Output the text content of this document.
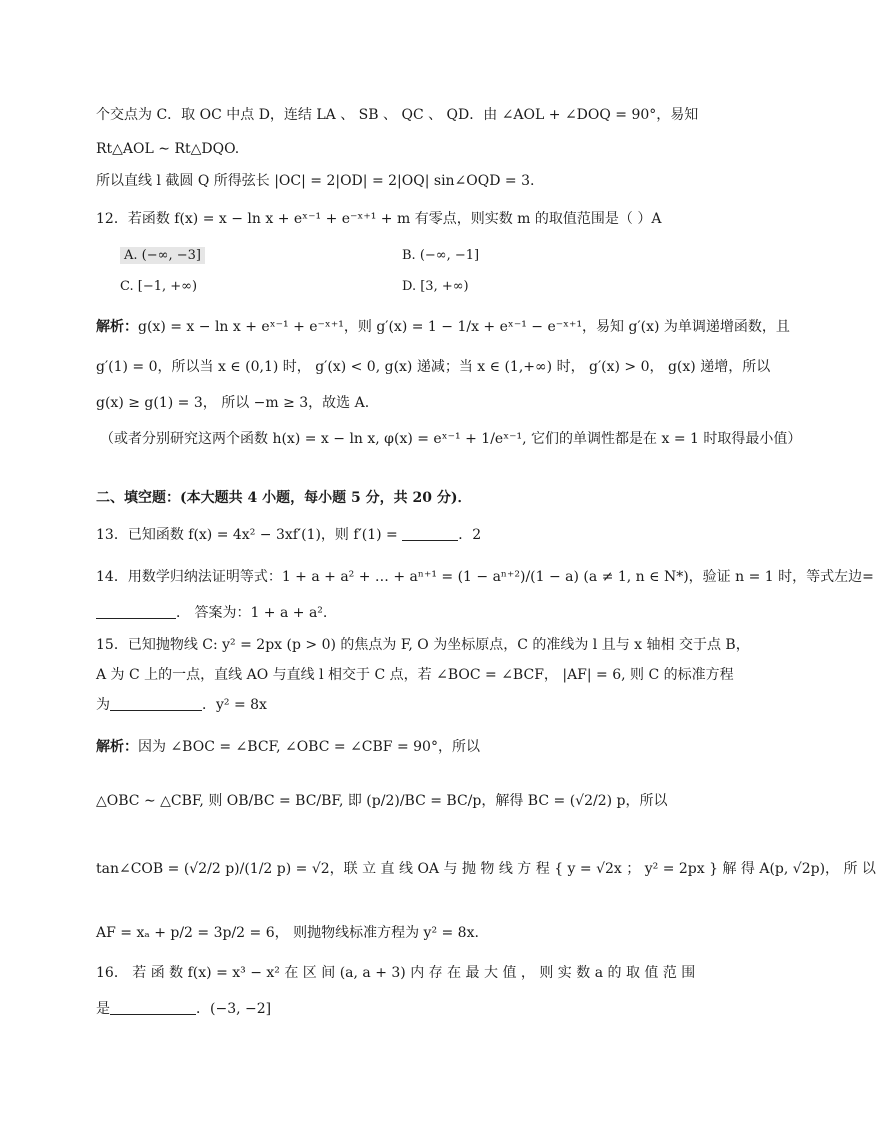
个交点为 C．取 OC 中点 D，连结 LA 、 SB 、 QC 、 QD．由 ∠AOL + ∠DOQ = 90°，易知
Rt△AOL ∼ Rt△DQO.
所以直线 l 截圆 Q 所得弦长 |OC| = 2|OD| = 2|OQ| sin∠OQD = 3.
12．若函数 f(x) = x − ln x + eˣ⁻¹ + e⁻ˣ⁺¹ + m 有零点，则实数 m 的取值范围是（ ）A
A. (−∞, −3]	B. (−∞, −1]
C. [−1, +∞)	D. [3, +∞)
解析：g(x) = x − ln x + eˣ⁻¹ + e⁻ˣ⁺¹，则 g′(x) = 1 − 1/x + eˣ⁻¹ − e⁻ˣ⁺¹，易知 g′(x) 为单调递增函数，且
g′(1) = 0，所以当 x ∈ (0,1) 时， g′(x) < 0, g(x) 递减；当 x ∈ (1,+∞) 时， g′(x) > 0， g(x) 递增，所以
g(x) ≥ g(1) = 3， 所以 −m ≥ 3，故选 A.
（或者分别研究这两个函数 h(x) = x − ln x, φ(x) = eˣ⁻¹ + 1/eˣ⁻¹, 它们的单调性都是在 x = 1 时取得最小值）
二、填空题：(本大题共 4 小题，每小题 5 分，共 20 分)．
13．已知函数 f(x) = 4x² − 3xf′(1)，则 f′(1) =	．2
14．用数学归纳法证明等式：1 + a + a² + … + aⁿ⁺¹ = (1 − aⁿ⁺²)/(1 − a) (a ≠ 1, n ∈ N*)，验证 n = 1 时，等式左边=
． 答案为：1 + a + a².
15．已知抛物线 C: y² = 2px (p > 0) 的焦点为 F, O 为坐标原点，C 的准线为 l 且与 x 轴相 交于点 B，
A 为 C 上的一点，直线 AO 与直线 l 相交于 C 点，若 ∠BOC = ∠BCF， |AF| = 6, 则 C 的标准方程
为	．y² = 8x
解析：因为 ∠BOC = ∠BCF, ∠OBC = ∠CBF = 90°，所以
△OBC ∼ △CBF, 则 OB/BC = BC/BF, 即 (p/2)/BC = BC/p，解得 BC = (√2/2) p，所以
tan∠COB = (√2/2 p)/(1/2 p) = √2，联 立 直 线 OA 与 抛 物 线 方 程 { y = √2x ； y² = 2px } 解 得 A(p, √2p)， 所 以
AF = xₐ + p/2 = 3p/2 = 6， 则抛物线标准方程为 y² = 8x.
16． 若 函 数 f(x) = x³ − x² 在 区 间 (a, a + 3) 内 存 在 最 大 值 ， 则 实 数 a 的 取 值 范 围
是	．(−3, −2]
